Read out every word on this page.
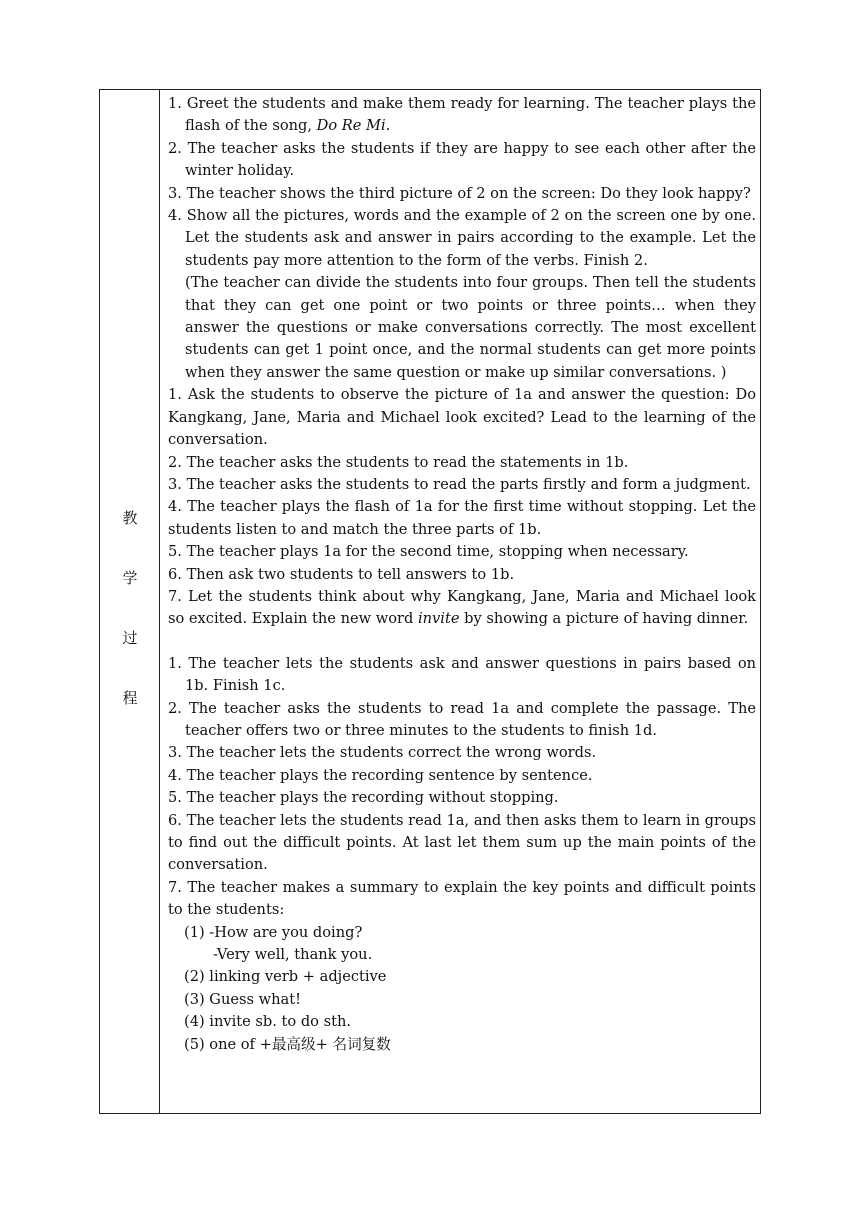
教
学
过
程

1. Greet the students and make them ready for learning. The teacher plays the flash of the song, Do Re Mi.

2. The teacher asks the students if they are happy to see each other after the winter holiday.

3. The teacher shows the third picture of 2 on the screen: Do they look happy?

4. Show all the pictures, words and the example of 2 on the screen one by one. Let the students ask and answer in pairs according to the example. Let the students pay more attention to the form of the verbs. Finish 2.

(The teacher can divide the students into four groups. Then tell the students that they can get one point or two points or three points… when they answer the questions or make conversations correctly. The most excellent students can get 1 point once, and the normal students can get more points when they answer the same question or make up similar conversations. )

1. Ask the students to observe the picture of 1a and answer the question: Do Kangkang, Jane, Maria and Michael look excited? Lead to the learning of the conversation.

2. The teacher asks the students to read the statements in 1b.

3. The teacher asks the students to read the parts firstly and form a judgment.

4. The teacher plays the flash of 1a for the first time without stopping. Let the students listen to and match the three parts of 1b.

5. The teacher plays 1a for the second time, stopping when necessary.

6. Then ask two students to tell answers to 1b.

7. Let the students think about why Kangkang, Jane, Maria and Michael look so excited. Explain the new word invite by showing a picture of having dinner.

1. The teacher lets the students ask and answer questions in pairs based on 1b. Finish 1c.

2. The teacher asks the students to read 1a and complete the passage. The teacher offers two or three minutes to the students to finish 1d.

3. The teacher lets the students correct the wrong words.

4. The teacher plays the recording sentence by sentence.

5. The teacher plays the recording without stopping.

6. The teacher lets the students read 1a, and then asks them to learn in groups to find out the difficult points. At last let them sum up the main points of the conversation.

7. The teacher makes a summary to explain the key points and difficult points to the students:

(1) -How are you doing?

-Very well, thank you.

(2) linking verb + adjective

(3) Guess what!

(4) invite sb. to do sth.

(5) one of +最高级+ 名词复数
